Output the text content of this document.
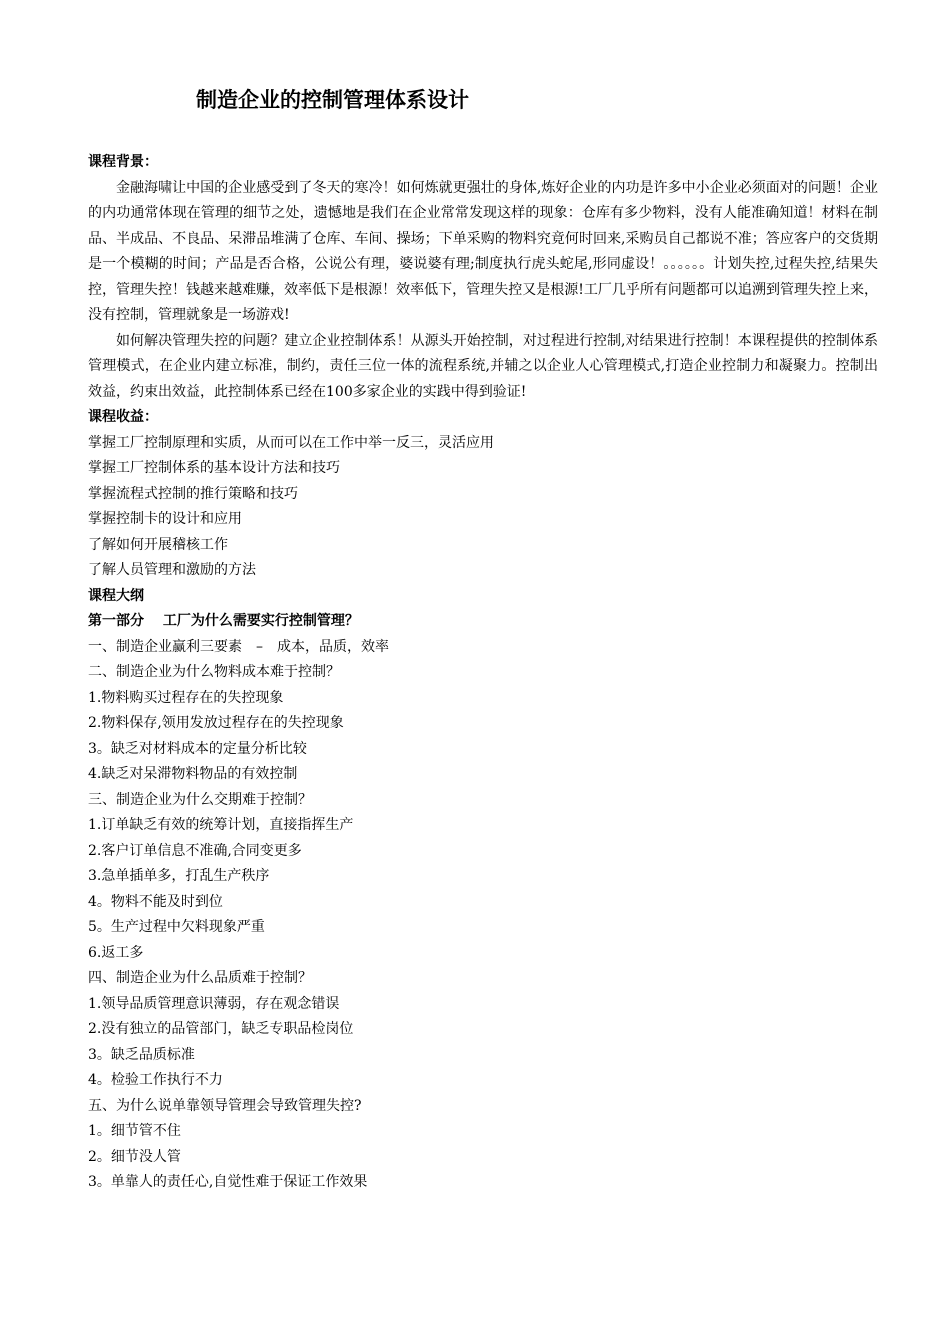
制造企业的控制管理体系设计

课程背景：

金融海啸让中国的企业感受到了冬天的寒冷！如何炼就更强壮的身体,炼好企业的内功是许多中小企业必须面对的问题！企业的内功通常体现在管理的细节之处，遗憾地是我们在企业常常发现这样的现象：仓库有多少物料，没有人能准确知道！材料在制品、半成品、不良品、呆滞品堆满了仓库、车间、操场；下单采购的物料究竟何时回来,采购员自己都说不准；答应客户的交货期是一个模糊的时间；产品是否合格，公说公有理，婆说婆有理;制度执行虎头蛇尾,形同虚设！。。。。。。计划失控,过程失控,结果失控，管理失控！钱越来越难赚，效率低下是根源！效率低下，管理失控又是根源!工厂几乎所有问题都可以追溯到管理失控上来，没有控制，管理就象是一场游戏!

如何解决管理失控的问题？建立企业控制体系！从源头开始控制，对过程进行控制,对结果进行控制！本课程提供的控制体系管理模式，在企业内建立标准，制约，责任三位一体的流程系统,并辅之以企业人心管理模式,打造企业控制力和凝聚力。控制出效益，约束出效益，此控制体系已经在100多家企业的实践中得到验证!

课程收益：

掌握工厂控制原理和实质，从而可以在工作中举一反三，灵活应用

掌握工厂控制体系的基本设计方法和技巧

掌握流程式控制的推行策略和技巧

掌握控制卡的设计和应用

了解如何开展稽核工作

了解人员管理和激励的方法

课程大纲

第一部分　 工厂为什么需要实行控制管理？

一、制造企业赢利三要素　–　成本，品质，效率

二、制造企业为什么物料成本难于控制？

1.物料购买过程存在的失控现象

2.物料保存,领用发放过程存在的失控现象

3。缺乏对材料成本的定量分析比较

4.缺乏对呆滞物料物品的有效控制

三、制造企业为什么交期难于控制？

1.订单缺乏有效的统筹计划，直接指挥生产

2.客户订单信息不准确,合同变更多

3.急单插单多，打乱生产秩序

4。物料不能及时到位

5。生产过程中欠料现象严重

6.返工多

四、制造企业为什么品质难于控制？

1.领导品质管理意识薄弱，存在观念错误

2.没有独立的品管部门，缺乏专职品检岗位

3。缺乏品质标准

4。检验工作执行不力

五、为什么说单靠领导管理会导致管理失控?

1。细节管不住

2。细节没人管

3。单靠人的责任心,自觉性难于保证工作效果
